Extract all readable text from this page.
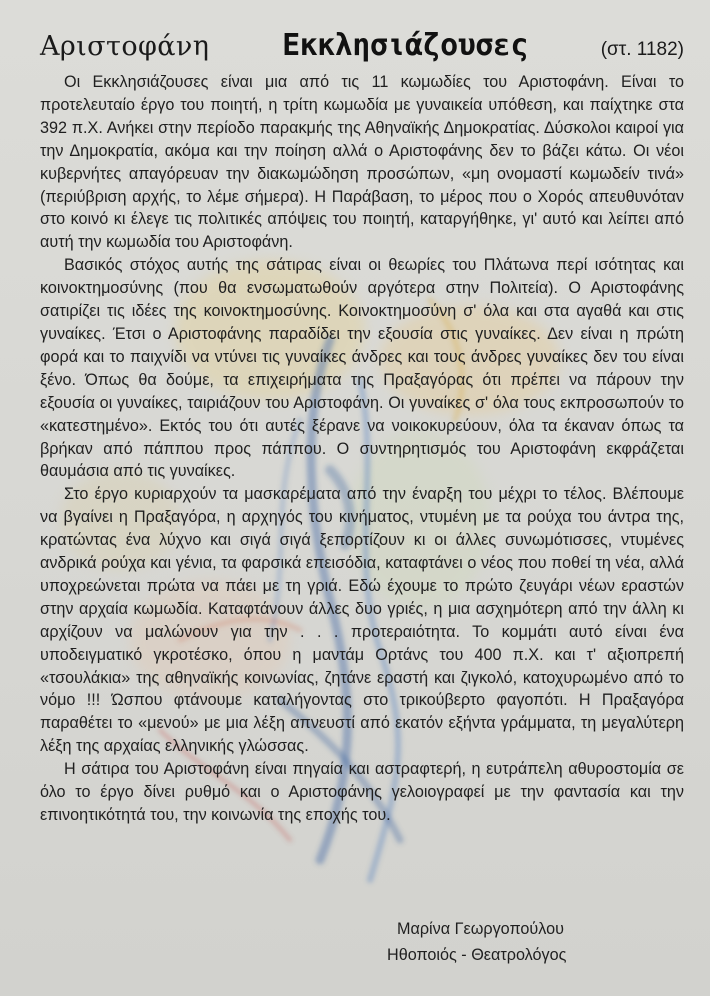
Αριστοφάνη Εκκλησιάζουσες	(στ. 1182)

Οι Εκκλησιάζουσες είναι μια από τις 11 κωμωδίες του Αριστοφάνη. Είναι το προτελευταίο έργο του ποιητή, η τρίτη κωμωδία με γυναικεία υπόθεση, και παίχτηκε στα 392 π.Χ. Ανήκει στην περίοδο παρακμής της Αθηναϊκής Δημοκρατίας. Δύσκολοι καιροί για την Δημοκρατία, ακόμα και την ποίηση αλλά ο Αριστοφάνης δεν το βάζει κάτω. Οι νέοι κυβερνήτες απαγόρευαν την διακωμώδηση προσώπων, «μη ονομαστί κωμωδείν τινά» (περιύβριση αρχής, το λέμε σήμερα). Η Παράβαση, το μέρος που ο Χορός απευθυνόταν στο κοινό κι έλεγε τις πολιτικές απόψεις του ποιητή, καταργήθηκε, γι' αυτό και λείπει από αυτή την κωμωδία του Αριστοφάνη.

Βασικός στόχος αυτής της σάτιρας είναι οι θεωρίες του Πλάτωνα περί ισότητας και κοινοκτημοσύνης (που θα ενσωματωθούν αργότερα στην Πολιτεία). Ο Αριστοφάνης σατιρίζει τις ιδέες της κοινοκτημοσύνης. Κοινοκτημοσύνη σ' όλα και στα αγαθά και στις γυναίκες. Έτσι ο Αριστοφάνης παραδίδει την εξουσία στις γυναίκες. Δεν είναι η πρώτη φορά και το παιχνίδι να ντύνει τις γυναίκες άνδρες και τους άνδρες γυναίκες δεν του είναι ξένο. Όπως θα δούμε, τα επιχειρήματα της Πραξαγόρας ότι πρέπει να πάρουν την εξουσία οι γυναίκες, ταιριάζουν του Αριστοφάνη. Οι γυναίκες σ' όλα τους εκπροσωπούν το «κατεστημένο». Εκτός του ότι αυτές ξέρανε να νοικοκυρεύουν, όλα τα έκαναν όπως τα βρήκαν από πάππου προς πάππου. Ο συντηρητισμός του Αριστοφάνη εκφράζεται θαυμάσια από τις γυναίκες.

Στο έργο κυριαρχούν τα μασκαρέματα από την έναρξη του μέχρι το τέλος. Βλέπουμε να βγαίνει η Πραξαγόρα, η αρχηγός του κινήματος, ντυμένη με τα ρούχα του άντρα της, κρατώντας ένα λύχνο και σιγά σιγά ξεπορτίζουν κι οι άλλες συνωμότισσες, ντυμένες ανδρικά ρούχα και γένια, τα φαρσικά επεισόδια, καταφτάνει ο νέος που ποθεί τη νέα, αλλά υποχρεώνεται πρώτα να πάει με τη γριά. Εδώ έχουμε το πρώτο ζευγάρι νέων εραστών στην αρχαία κωμωδία. Καταφτάνουν άλλες δυο γριές, η μια ασχημότερη από την άλλη κι αρχίζουν να μαλώνουν για την . . . προτεραιότητα. Το κομμάτι αυτό είναι ένα υποδειγματικό γκροτέσκο, όπου η μαντάμ Ορτάνς του 400 π.Χ. και τ' αξιοπρεπή «τσουλάκια» της αθηναϊκής κοινωνίας, ζητάνε εραστή και ζιγκολό, κατοχυρωμένο από το νόμο !!! Ώσπου φτάνουμε καταλήγοντας στο τρικούβερτο φαγοπότι. Η Πραξαγόρα παραθέτει το «μενού» με μια λέξη απνευστί από εκατόν εξήντα γράμματα, τη μεγαλύτερη λέξη της αρχαίας ελληνικής γλώσσας.

Η σάτιρα του Αριστοφάνη είναι πηγαία και αστραφτερή, η ευτράπελη αθυροστομία σε όλο το έργο δίνει ρυθμό και ο Αριστοφάνης γελοιογραφεί με την φαντασία και την επινοητικότητά του, την κοινωνία της εποχής του.

Μαρίνα Γεωργοπούλου
Ηθοποιός - Θεατρολόγος
